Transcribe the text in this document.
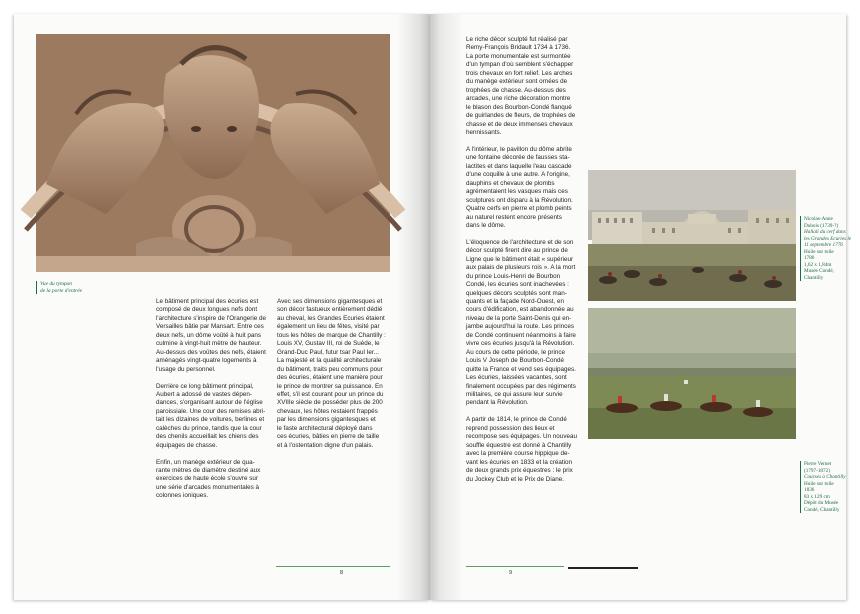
Vue du tympan
de la porte d'entrée

Le bâtiment principal des écuries est
composé de deux longues nefs dont
l'architecture s'inspire de l'Orangerie de
Versailles bâtie par Mansart. Entre ces
deux nefs, un dôme voûté à huit pans
culmine à vingt-huit mètre de hauteur.
Au-dessus des voûtes des nefs, étaient
aménagés vingt-quatre logements à
l'usage du personnel.

Derrière ce long bâtiment principal,
Aubert a adossé de vastes dépen-
dances, s'organisant autour de l'église
paroissiale. Une cour des remises abri-
tait les dizaines de voitures, berlines et
calèches du prince, tandis que la cour
des chenils accueillait les chiens des
équipages de chasse.

Enfin, un manège extérieur de qua-
rante mètres de diamètre destiné aux
exercices de haute école s'ouvre sur
une série d'arcades monumentales à
colonnes ioniques.

Avec ses dimensions gigantesques et
son décor fastueux entièrement dédié
au cheval, les Grandes Ecuries étaient
également un lieu de fêtes, visité par
tous les hôtes de marque de Chantilly :
Louis XV, Gustav III, roi de Suède, le
Grand-Duc Paul, futur tsar Paul Ier...
La majesté et la qualité architecturale
du bâtiment, traits peu communs pour
des écuries, étaient une manière pour
le prince de montrer sa puissance. En
effet, s'il est courant pour un prince du
XVIIIe siècle de posséder plus de 200
chevaux, les hôtes restaient frappés
par les dimensions gigantesques et
le faste architectural déployé dans
ces écuries, bâties en pierre de taille
et à l'ostentation digne d'un palais.

8

Le riche décor sculpté fut réalisé par
Remy-François Bridault 1734 à 1736.
La porte monumentale est surmontée
d'un tympan d'où semblent s'échapper
trois chevaux en fort relief. Les arches
du manège extérieur sont ornées de
trophées de chasse. Au-dessus des
arcades, une riche décoration montre
le blason des Bourbon-Condé flanqué
de guirlandes de fleurs, de trophées de
chasse et de deux immenses chevaux
hennissants.

A l'intérieur, le pavillon du dôme abrite
une fontaine décorée de fausses sta-
lactites et dans laquelle l'eau cascade
d'une coquille à une autre. A l'origine,
dauphins et chevaux de plombs
agrémentaient les vasques mais ces
sculptures ont disparu à la Révolution.
Quatre cerfs en pierre et plomb peints
au naturel restent encore présents
dans le dôme.

L'éloquence de l'architecture et de son
décor sculpté firent dire au prince de
Ligne que le bâtiment était « supérieur
aux palais de plusieurs rois ». A la mort
du prince Louis-Henri de Bourbon
Condé, les écuries sont inachevées :
quelques décors sculptés sont man-
quants et la façade Nord-Ouest, en
cours d'édification, est abandonnée au
niveau de la porte Saint-Denis qui en-
jambe aujourd'hui la route. Les princes
de Condé continuent néanmoins à faire
vivre ces écuries jusqu'à la Révolution.
Au cours de cette période, le prince
Louis V Joseph de Bourbon-Condé
quitte la France et vend ses équipages.
Les écuries, laissées vacantes, sont
finalement occupées par des régiments
militaires, ce qui assure leur survie
pendant la Révolution.

A partir de 1814, le prince de Condé
reprend possession des lieux et
recompose ses équipages. Un nouveau
souffle équestre est donné à Chantilly
avec la première course hippique de-
vant les écuries en 1833 et la création
de deux grands prix équestres : le prix
du Jockey Club et le Prix de Diane.

Nicolas-Anne
Dubois (1739-?)
Hallali du cerf dans
les Grandes Ecuries le
11 septembre 1776
Huile sur toile
1780
1,62 x 1,84m
Musée Condé,
Chantilly
Pierre Vernet
(1797-1872)
Courses à Chantilly
Huile sur toile
1836
83 x 129 cm
Dépôt du Musée
Condé, Chantilly
9
